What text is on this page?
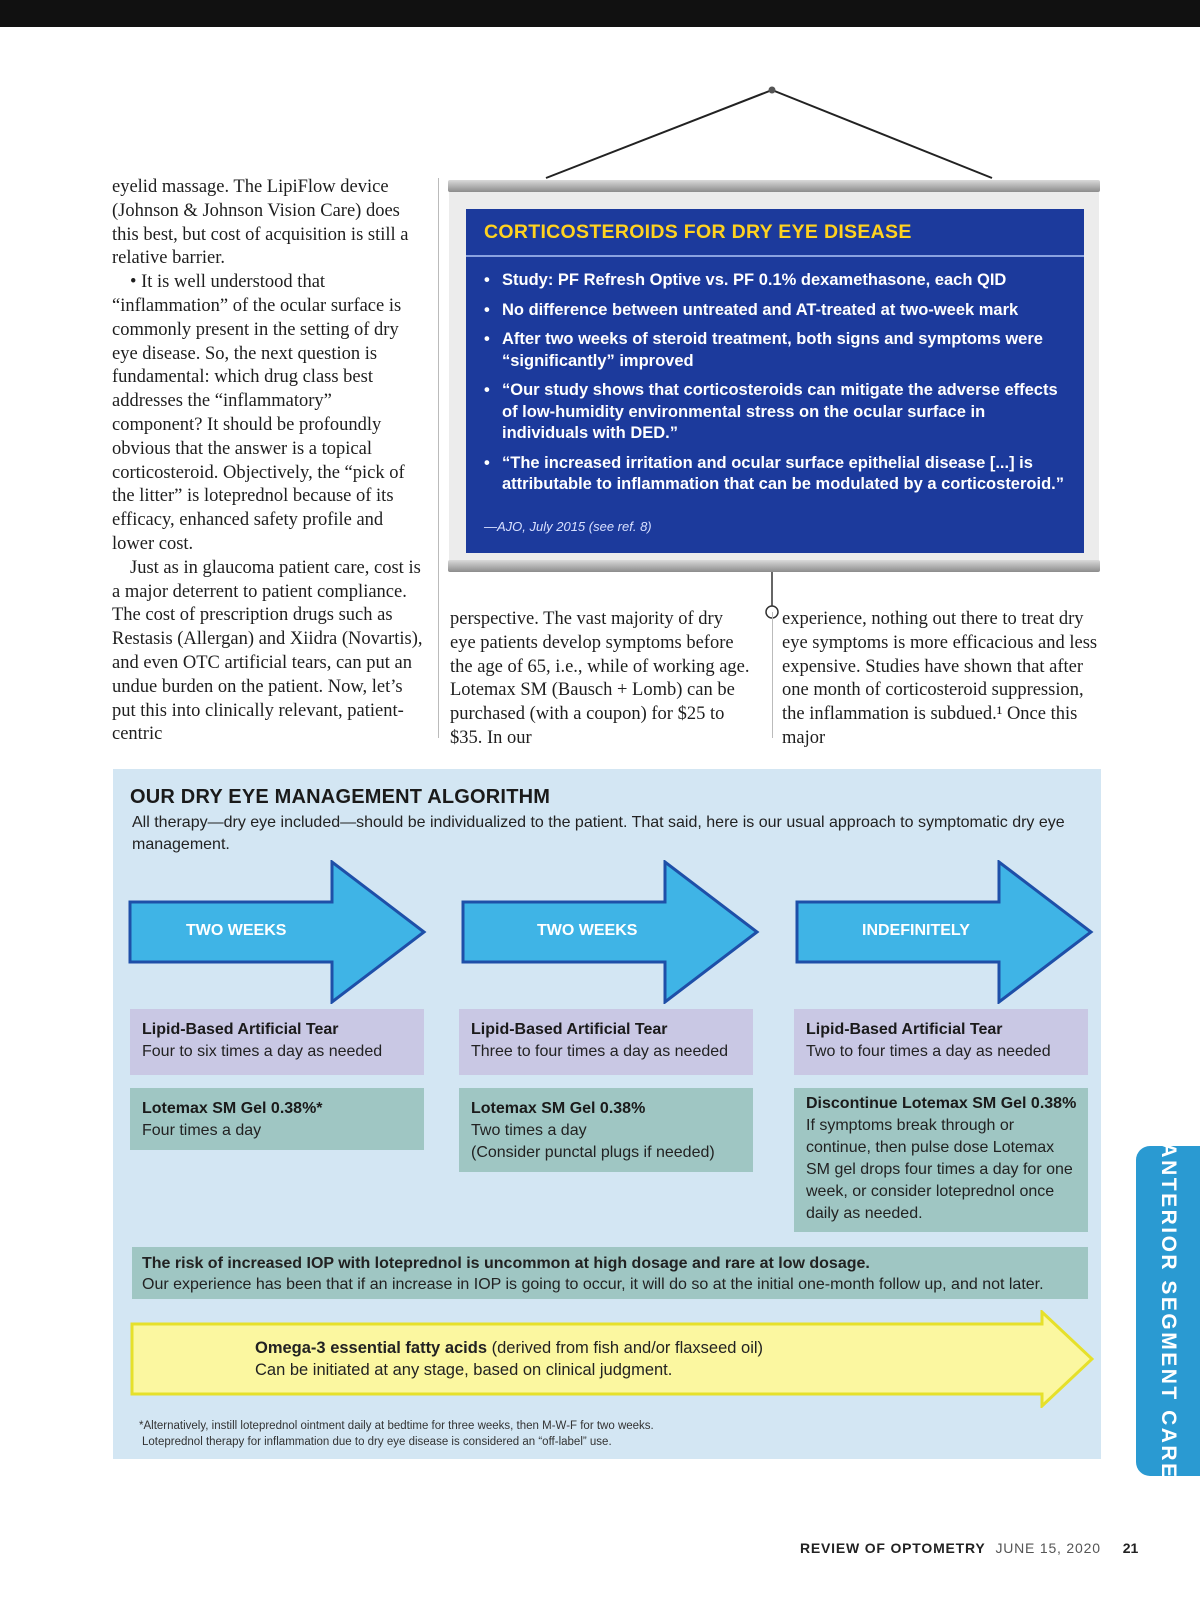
eyelid massage. The LipiFlow device (Johnson & Johnson Vision Care) does this best, but cost of acquisition is still a relative barrier.

• It is well understood that “inflammation” of the ocular surface is commonly present in the setting of dry eye disease. So, the next question is fundamental: which drug class best addresses the “inflammatory” component? It should be profoundly obvious that the answer is a topical corticosteroid. Objectively, the “pick of the litter” is loteprednol because of its efficacy, enhanced safety profile and lower cost.

Just as in glaucoma patient care, cost is a major deterrent to patient compliance. The cost of prescription drugs such as Restasis (Allergan) and Xiidra (Novartis), and even OTC artificial tears, can put an undue burden on the patient. Now, let’s put this into clinically relevant, patient-centric

CORTICOSTEROIDS FOR DRY EYE DISEASE
• Study: PF Refresh Optive vs. PF 0.1% dexamethasone, each QID
• No difference between untreated and AT-treated at two-week mark
• After two weeks of steroid treatment, both signs and symptoms were “significantly” improved
• “Our study shows that corticosteroids can mitigate the adverse effects of low-humidity environmental stress on the ocular surface in individuals with DED.”
• “The increased irritation and ocular surface epithelial disease [...] is attributable to inflammation that can be modulated by a corticosteroid.”
—AJO, July 2015 (see ref. 8)

perspective. The vast majority of dry eye patients develop symptoms before the age of 65, i.e., while of working age. Lotemax SM (Bausch + Lomb) can be purchased (with a coupon) for $25 to $35. In our

experience, nothing out there to treat dry eye symptoms is more efficacious and less expensive. Studies have shown that after one month of corticosteroid suppression, the inflammation is subdued.¹ Once this major

OUR DRY EYE MANAGEMENT ALGORITHM
All therapy—dry eye included—should be individualized to the patient. That said, here is our usual approach to symptomatic dry eye management.
TWO WEEKS	TWO WEEKS	INDEFINITELY
Lipid-Based Artificial Tear
Four to six times a day as needed
Lotemax SM Gel 0.38%*
Four times a day
Lipid-Based Artificial Tear
Three to four times a day as needed
Lotemax SM Gel 0.38%
Two times a day
(Consider punctal plugs if needed)
Lipid-Based Artificial Tear
Two to four times a day as needed
Discontinue Lotemax SM Gel 0.38%
If symptoms break through or continue, then pulse dose Lotemax SM gel drops four times a day for one week, or consider loteprednol once daily as needed.
The risk of increased IOP with loteprednol is uncommon at high dosage and rare at low dosage.
Our experience has been that if an increase in IOP is going to occur, it will do so at the initial one-month follow up, and not later.
Omega-3 essential fatty acids (derived from fish and/or flaxseed oil)
Can be initiated at any stage, based on clinical judgment.
*Alternatively, instill loteprednol ointment daily at bedtime for three weeks, then M-W-F for two weeks.
Loteprednol therapy for inflammation due to dry eye disease is considered an “off-label” use.	ANTERIOR SEGMENT CARE
REVIEW OF OPTOMETRY JUNE 15, 2020 21
